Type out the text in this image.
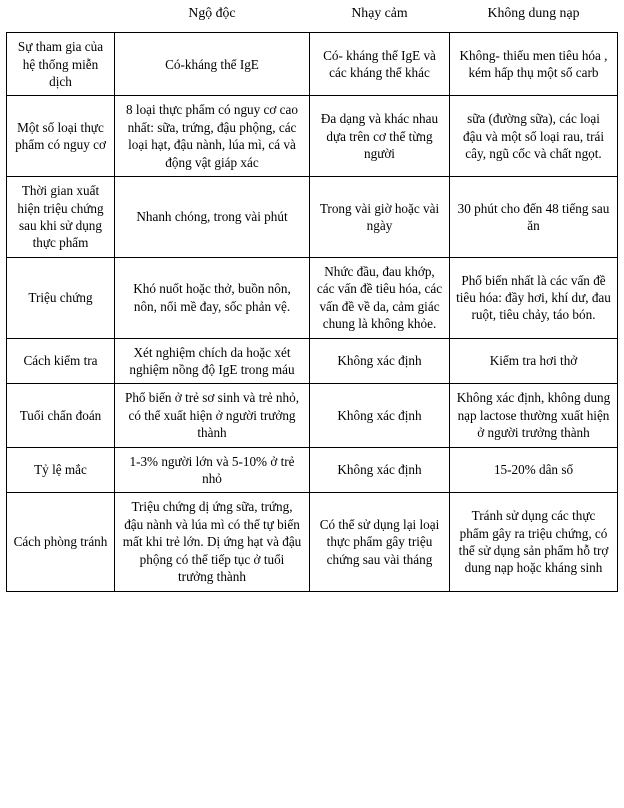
	Ngộ độc	Nhạy cảm	Không dung nạp
Sự tham gia của hệ thống miễn dịch	Có-kháng thể IgE	Có- kháng thể IgE và các kháng thể khác	Không- thiếu men tiêu hóa , kém hấp thụ một số carb
Một số loại thực phẩm có nguy cơ	8 loại thực phẩm có nguy cơ cao nhất: sữa, trứng, đậu phộng, các loại hạt, đậu nành, lúa mì, cá và động vật giáp xác	Đa dạng và khác nhau dựa trên cơ thể từng người	sữa (đường sữa), các loại đậu và một số loại rau, trái cây, ngũ cốc và chất ngọt.
Thời gian xuất hiện triệu chứng sau khi sử dụng thực phẩm	Nhanh chóng, trong vài phút	Trong vài giờ hoặc vài ngày	30 phút cho đến 48 tiếng sau ăn
Triệu chứng	Khó nuốt hoặc thở, buồn nôn, nôn, nổi mề đay, sốc phản vệ.	Nhức đầu, đau khớp, các vấn đề tiêu hóa, các vấn đề về da, cảm giác chung là không khỏe.	Phổ biến nhất là các vấn đề tiêu hóa: đầy hơi, khí dư, đau ruột, tiêu chảy, táo bón.
Cách kiểm tra	Xét nghiệm chích da hoặc xét nghiệm nồng độ IgE trong máu	Không xác định	Kiểm tra hơi thở
Tuổi chẩn đoán	Phổ biến ở trẻ sơ sinh và trẻ nhỏ, có thể xuất hiện ở người trưởng thành	Không xác định	Không xác định, không dung nạp lactose thường xuất hiện ở người trưởng thành
Tỷ lệ mắc	1-3% người lớn và 5-10% ở trẻ nhỏ	Không xác định	15-20% dân số
Cách phòng tránh	Triệu chứng dị ứng sữa, trứng, đậu nành và lúa mì có thể tự biến mất khi trẻ lớn. Dị ứng hạt và đậu phộng có thể tiếp tục ở tuổi trưởng thành	Có thể sử dụng lại loại thực phẩm gây triệu chứng sau vài tháng	Tránh sử dụng các thực phẩm gây ra triệu chứng, có thể sử dụng sản phẩm hỗ trợ dung nạp hoặc kháng sinh
